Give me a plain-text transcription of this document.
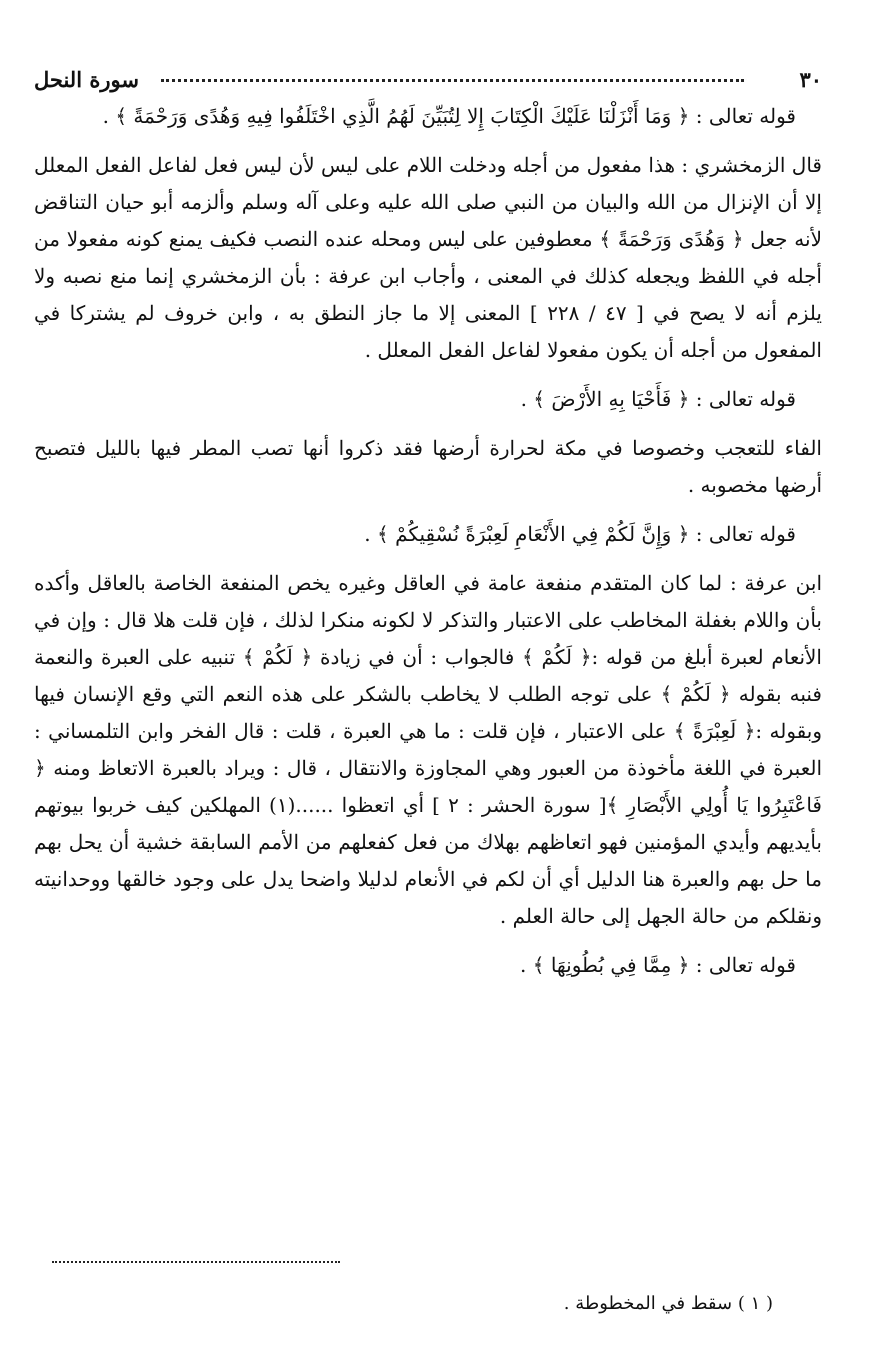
٣٠
سورة النحل

قوله تعالى : ﴿ وَمَا أَنْزَلْنَا عَلَيْكَ الْكِتَابَ إِلا لِتُبَيِّنَ لَهُمُ الَّذِي اخْتَلَفُوا فِيهِ وَهُدًى وَرَحْمَةً ﴾ .

قال الزمخشري : هذا مفعول من أجله ودخلت اللام على ليس لأن ليس فعل لفاعل الفعل المعلل إلا أن الإنزال من الله والبيان من النبي صلى الله عليه وعلى آله وسلم وألزمه أبو حيان التناقض لأنه جعل ﴿ وَهُدًى وَرَحْمَةً ﴾ معطوفين على ليس ومحله عنده النصب فكيف يمنع كونه مفعولا من أجله في اللفظ ويجعله كذلك في المعنى ، وأجاب ابن عرفة : بأن الزمخشري إنما منع نصبه ولا يلزم أنه لا يصح في [ ٤٧ / ٢٢٨ ] المعنى إلا ما جاز النطق به ، وابن خروف لم يشتركا في المفعول من أجله أن يكون مفعولا لفاعل الفعل المعلل .

قوله تعالى : ﴿ فَأَحْيَا بِهِ الأَرْضَ ﴾ .

الفاء للتعجب وخصوصا في مكة لحرارة أرضها فقد ذكروا أنها تصب المطر فيها بالليل فتصبح أرضها مخصوبه .

قوله تعالى : ﴿ وَإِنَّ لَكُمْ فِي الأَنْعَامِ لَعِبْرَةً نُسْقِيكُمْ ﴾ .

ابن عرفة : لما كان المتقدم منفعة عامة في العاقل وغيره يخص المنفعة الخاصة بالعاقل وأكده بأن واللام بغفلة المخاطب على الاعتبار والتذكر لا لكونه منكرا لذلك ، فإن قلت هلا قال : وإن في الأنعام لعبرة أبلغ من قوله :﴿ لَكُمْ ﴾ فالجواب : أن في زيادة ﴿ لَكُمْ ﴾ تنبيه على العبرة والنعمة فنبه بقوله ﴿ لَكُمْ ﴾ على توجه الطلب لا يخاطب بالشكر على هذه النعم التي وقع الإنسان فيها وبقوله :﴿ لَعِبْرَةً ﴾ على الاعتبار ، فإن قلت : ما هي العبرة ، قلت : قال الفخر وابن التلمساني : العبرة في اللغة مأخوذة من العبور وهي المجاوزة والانتقال ، قال : ويراد بالعبرة الاتعاظ ومنه ﴿ فَاعْتَبِرُوا يَا أُولِي الأَبْصَارِ ﴾[ سورة الحشر : ٢ ] أي اتعظوا ......(١) المهلكين كيف خربوا بيوتهم بأيديهم وأيدي المؤمنين فهو اتعاظهم بهلاك من فعل كفعلهم من الأمم السابقة خشية أن يحل بهم ما حل بهم والعبرة هنا الدليل أي أن لكم في الأنعام لدليلا واضحا يدل على وجود خالقها ووحدانيته ونقلكم من حالة الجهل إلى حالة العلم .

قوله تعالى : ﴿ مِمَّا فِي بُطُونِهَا ﴾ .

( ١ ) سقط في المخطوطة .
